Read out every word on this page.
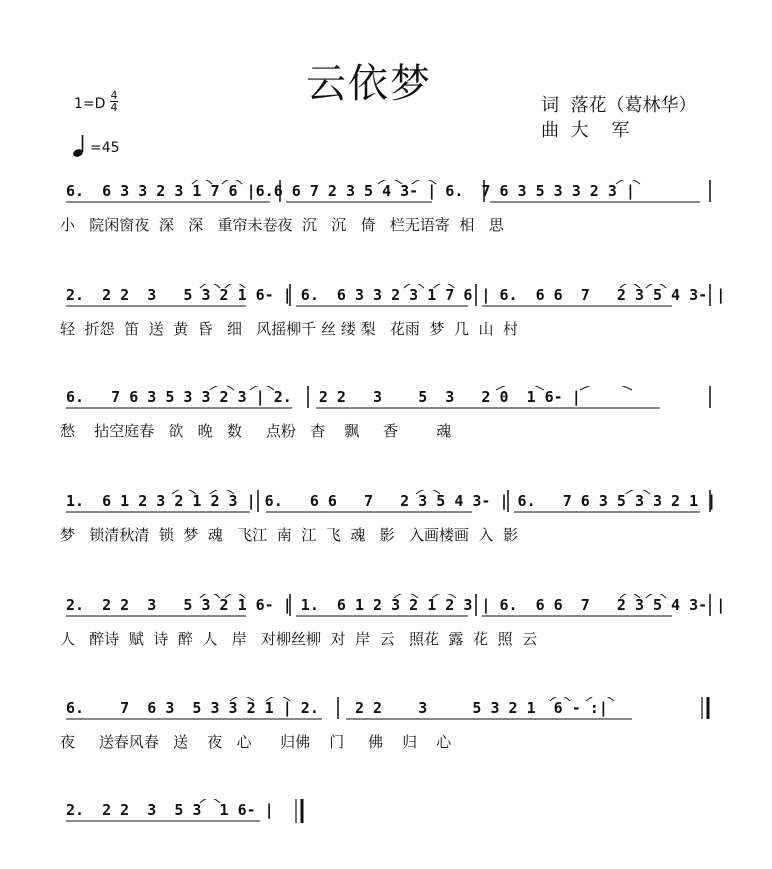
云依梦	词  落花（葛林华）
曲  大    军
1=D
4

4
=45
6.  6 3 3 2 3 1 7 6 |6.6 6 7 2 3 5 4 3- | 6.  7 6 3 5 3 3 2 3 |
小   院闲窗夜  深   深   重帘未卷夜  沉   沉   倚   栏无语寄  相   思
2.  2 2  3   5 3 2 1 6- | 6.  6 3 3 2 3 1 7 6 | 6.  6 6  7   2 3 5 4 3- |
轻  折怨  笛  送  黄  昏   细   风摇柳千 丝 缕 梨   花雨  梦  几  山  村
6.   7 6 3 5 3 3 2 3 | 2.   2 2   3    5  3   2 0  1 6- |
愁    拈空庭春   欲   晚   数     点粉   杳    飘     香        魂
1.  6 1 2 3 2 1 2 3 | 6.   6 6   7   2 3 5 4 3- | 6.   7 6 3 5 3 3 2 1 |
梦   锁清秋清  锁  梦  魂   飞江  南  江  飞  魂   影   入画楼画  入  影
2.  2 2  3   5 3 2 1 6- | 1.  6 1 2 3 2 1 2 3 | 6.  6 6  7   2 3 5 4 3- |
人   醉诗  赋  诗  醉  人   岸   对柳丝柳  对  岸  云   照花  露  花  照  云
6.    7  6 3  5 3 3 2 1 | 2.    2 2    3     5 3 2 1  6 - :|
夜     送春风春   送    夜   心      归佛    门     佛    归    心
2.  2 2  3  5 3  1 6- |
